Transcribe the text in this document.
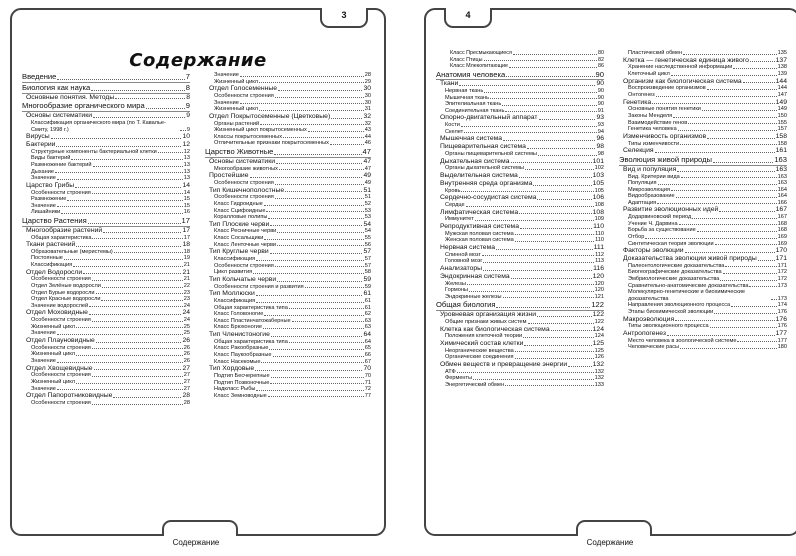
3
Содержание
Введение	7
Биология как наука	8
Основные понятия. Методы	8
Многообразие органического мира	9
Основы систематики	9
Классификация органического мира (по Т. Кавалье-Смиту, 1998 г.)	9
Вирусы	10
Бактерии	12
Структурные компоненты бактериальной клетки	12
Виды бактерий	13
Размножение бактерий	13
Дыхание	13
Значение	13
Царство Грибы	14
Особенности строения	14
Размножение	15
Значение	15
Лишайники	16
Царство Растения	17
Многообразие растений	17
Общая характеристика	17
Ткани растений	18
Образовательные (меристемы)	18
Постоянные	19
Классификация	21
Отдел Водоросли	21
Особенности строения	21
Отдел Зелёные водоросли	22
Отдел Бурые водоросли	23
Отдел Красные водоросли	23
Значение водорослей	24
Отдел Моховидные	24
Особенности строения	24
Жизненный цикл	25
Значение	25
Отдел Плауновидные	26
Особенности строения	26
Жизненный цикл	26
Значение	26
Отдел Хвощевидные	27
Особенности строения	27
Жизненный цикл	27
Значение	27
Отдел Папоротниковидные	28
Особенности строения	28
Значение	28
Жизненный цикл	29
Отдел Голосеменные	30
Особенности строения	30
Значение	30
Жизненный цикл	31
Отдел Покрытосеменные (Цветковые)	32
Органы растений	32
Жизненный цикл покрытосеменных	43
Классы покрытосеменных	44
Отличительные признаки покрытосеменных	46
Царство Животные	47
Основы систематики	47
Многообразие животных	47
Простейшие	49
Особенности строения	49
Тип Кишечнополостные	51
Особенности строения	51
Класс Гидроидные	52
Класс Сцифоидные	53
Коралловые полипы	53
Тип Плоские черви	54
Класс Ресничные черви	54
Класс Сосальщики	55
Класс Ленточные черви	56
Тип Круглые черви	57
Классификация	57
Особенности строения	57
Цикл развития	58
Тип Кольчатые черви	59
Особенности строения и развития	59
Тип Моллюски	61
Классификация	61
Общая характеристика типа	61
Класс Головоногие	62
Класс Пластинчатожаберные	63
Класс Брюхоногие	63
Тип Членистоногие	64
Общая характеристика типа	64
Класс Ракообразные	65
Класс Паукообразные	66
Класс Насекомые	67
Тип Хордовые	70
Подтип Бесчерепные	70
Подтип Позвоночные	71
Надкласс Рыбы	72
Класс Земноводные	77
4
Класс Пресмыкающиеся	80
Класс Птицы	82
Класс Млекопитающие	86
Анатомия человека	90
Ткани	90
Нервная ткань	90
Мышечная ткань	90
Эпителиальная ткань	90
Соединительная ткань	91
Опорно-двигательный аппарат	93
Кости	93
Скелет	94
Мышечная система	96
Пищеварительная система	98
Органы пищеварительной системы	98
Дыхательная система	101
Органы дыхательной системы	102
Выделительная система	103
Внутренняя среда организма	105
Кровь	105
Сердечно-сосудистая система	106
Сердце	108
Лимфатическая система	108
Иммунитет	109
Репродуктивная система	110
Мужская половая система	110
Женская половая система	110
Нервная система	111
Спинной мозг	112
Головной мозг	113
Анализаторы	116
Эндокринная система	120
Железы	120
Гормоны	120
Эндокринные железы	121
Общая биология	122
Уровневая организация жизни	122
Общие признаки живых систем	122
Клетка как биологическая система	124
Положения клеточной теории	124
Химический состав клетки	125
Неорганические вещества	125
Органические соединения	126
Обмен веществ и превращение энергии	132
АТФ	132
Ферменты	132
Энергетический обмен	133
Пластический обмен	135
Клетка — генетическая единица живого	137
Хранение наследственной информации	138
Клеточный цикл	139
Организм как биологическая система	144
Воспроизведение организмов	144
Онтогенез	147
Генетика	149
Основные понятия генетики	149
Законы Менделя	150
Взаимодействие генов	155
Генетика человека	157
Изменчивость организмов	158
Типы изменчивости	158
Селекция	161
Эволюция живой природы	163
Вид и популяция	163
Вид. Критерии вида	163
Популяция	163
Микроэволюция	164
Видообразование	164
Адаптация	166
Развитие эволюционных идей	167
Додарвиновский период	167
Учение Ч. Дарвина	168
Борьба за существование	168
Отбор	169
Синтетическая теория эволюции	169
Факторы эволюции	170
Доказательства эволюции живой природы	171
Палеонтологические доказательства	171
Биогеографические доказательства	172
Эмбриологические доказательства	172
Сравнительно-анатомические доказательства	173
Молекулярно-генетические и биохимические доказательства	173
Направления эволюционного процесса	174
Этапы биохимической эволюции	176
Макроэволюция	176
Типы эволюционного процесса	176
Антропогенез	177
Место человека в зоологической системе	177
Человеческие расы	180
Содержание	Содержание
